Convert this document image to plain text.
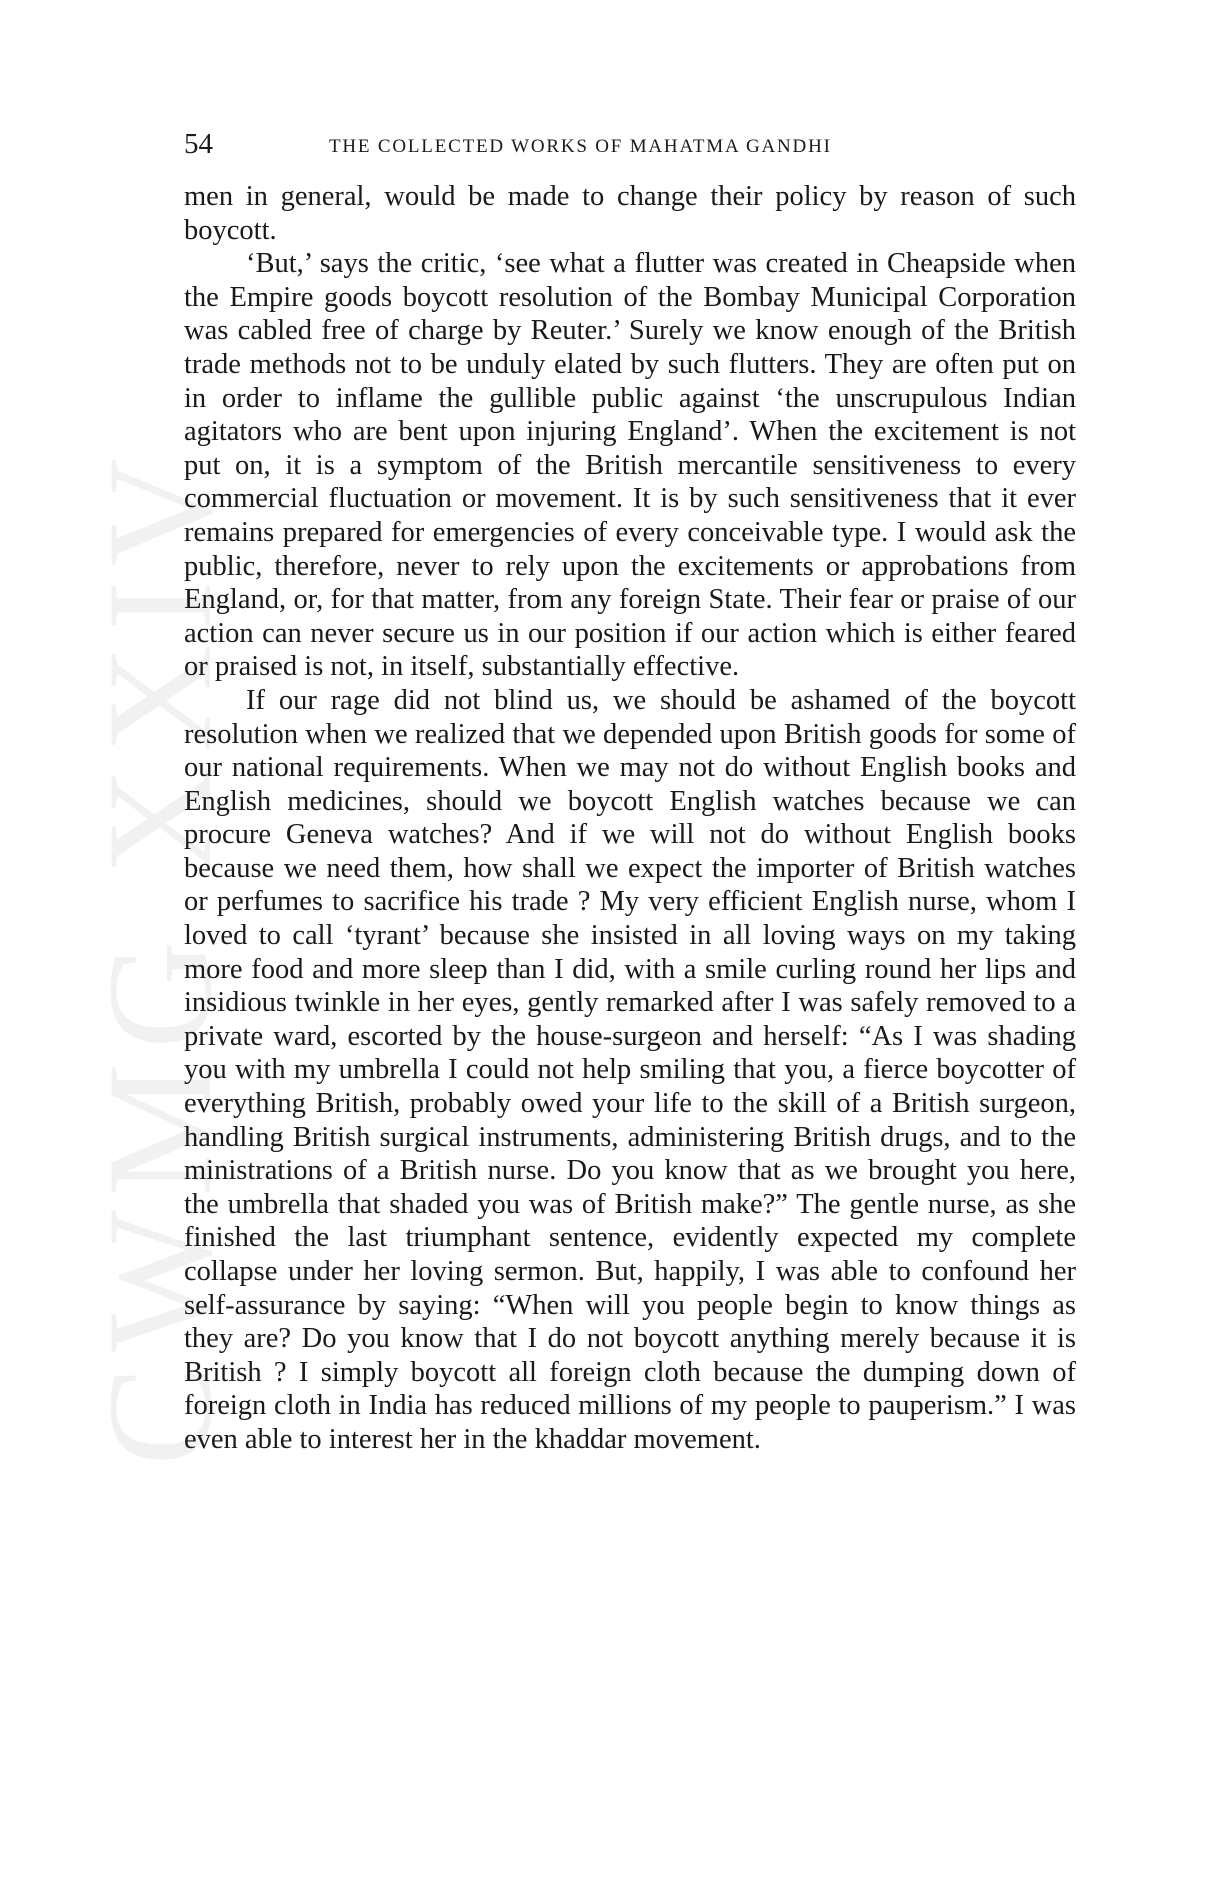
CWMG XXIV
54	THE COLLECTED WORKS OF MAHATMA GANDHI

men in general, would be made to change their policy by reason of such boycott.

‘But,’ says the critic, ‘see what a flutter was created in Cheapside when the Empire goods boycott resolution of the Bombay Municipal Corporation was cabled free of charge by Reuter.’ Surely we know enough of the British trade methods not to be unduly elated by such flutters. They are often put on in order to inflame the gullible public against ‘the unscrupulous Indian agitators who are bent upon injuring England’. When the excitement is not put on, it is a symptom of the British mercantile sensitiveness to every commercial fluctuation or movement. It is by such sensitiveness that it ever remains prepared for emergencies of every conceivable type. I would ask the public, therefore, never to rely upon the excitements or approbations from England, or, for that matter, from any foreign State. Their fear or praise of our action can never secure us in our position if our action which is either feared or praised is not, in itself, substantially effective.

If our rage did not blind us, we should be ashamed of the boycott resolution when we realized that we depended upon British goods for some of our national requirements. When we may not do without English books and English medicines, should we boycott English watches because we can procure Geneva watches? And if we will not do without English books because we need them, how shall we expect the importer of British watches or perfumes to sacrifice his trade ? My very efficient English nurse, whom I loved to call ‘tyrant’ because she insisted in all loving ways on my taking more food and more sleep than I did, with a smile curling round her lips and insidious twinkle in her eyes, gently remarked after I was safely removed to a private ward, escorted by the house-surgeon and herself: “As I was shading you with my umbrella I could not help smiling that you, a fierce boycotter of everything British, probably owed your life to the skill of a British surgeon, handling British surgical instruments, administering British drugs, and to the ministrations of a British nurse. Do you know that as we brought you here, the umbrella that shaded you was of British make?” The gentle nurse, as she finished the last triumphant sentence, evidently expected my complete collapse under her loving sermon. But, happily, I was able to confound her self-assurance by saying: “When will you people begin to know things as they are? Do you know that I do not boycott anything merely because it is British ? I simply boycott all foreign cloth because the dumping down of foreign cloth in India has reduced millions of my people to pauperism.” I was even able to interest her in the khaddar movement.
